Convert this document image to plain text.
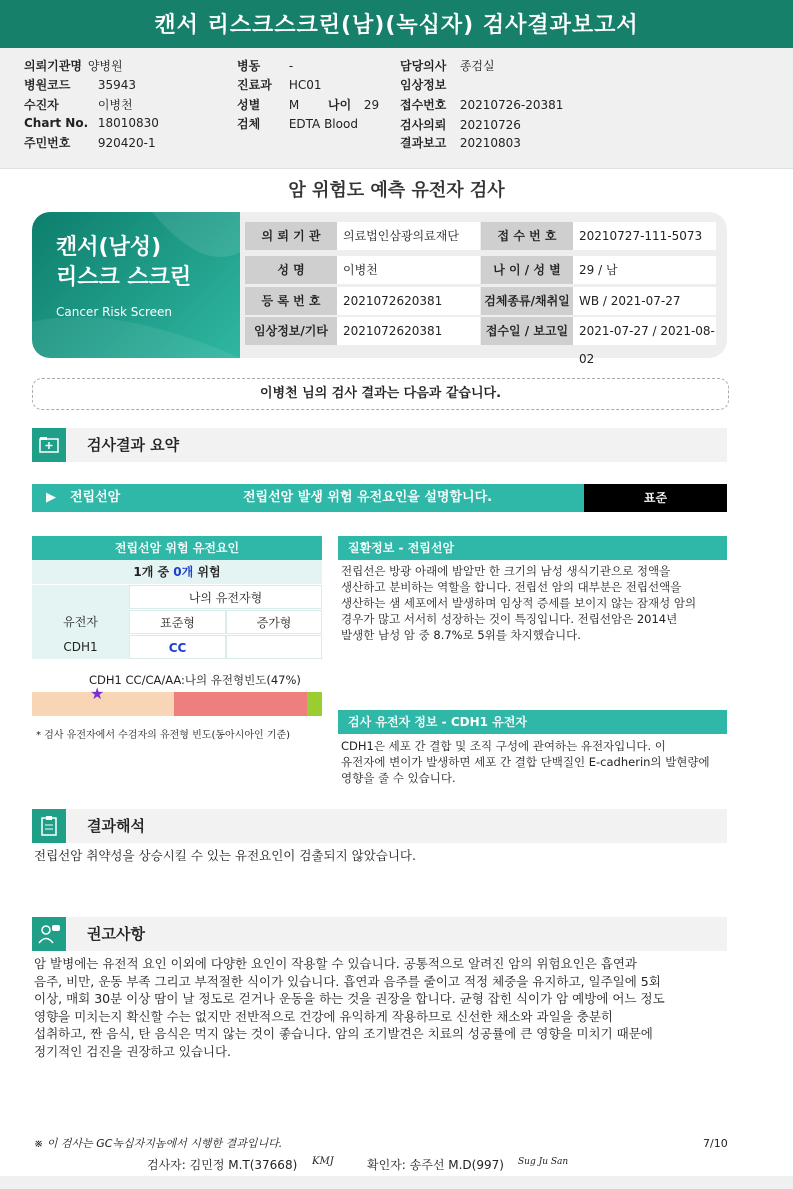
캔서 리스크스크린(남)(녹십자) 검사결과보고서
의뢰기관명 양병원
병원코드 35943
수진자	이병천
Chart No. 18010830
주민번호 920420-1
병동 -
진료과 HC01
성별 M 나이 29
검체 EDTA Blood
담당의사 종검실
임상정보
접수번호 20210726-20381
검사의뢰 20210726
결과보고 20210803
암 위험도 예측 유전자 검사
캔서(남성)
리스크 스크린
Cancer Risk Screen
의 뢰 기 관	의료법인삼광의료재단	접 수 번 호	20210727-111-5073
성 명	이병천	나 이 / 성 별	29 / 남
등 록 번 호	2021072620381	검체종류/채취일 WB / 2021-07-27
임상정보/기타	2021072620381	접수일 / 보고일 2021-07-27 / 2021-08-02
이병천 님의 검사 결과는 다음과 같습니다.
검사결과 요약
▶ 전립선암	전립선암 발생 위험 유전요인을 설명합니다.	표준
전립선암 위험 유전요인
1개 중 0개 위험
나의 유전자형
유전자	표준형	증가형
CDH1	CC
CDH1 CC/CA/AA:나의 유전형빈도(47%)
★
* 검사 유전자에서 수검자의 유전형 빈도(동아시아인 기준)
질환정보 - 전립선암
전립선은 방광 아래에 밤알만 한 크기의 남성 생식기관으로 정액을
생산하고 분비하는 역할을 합니다. 전립선 암의 대부분은 전립선액을
생산하는 샘 세포에서 발생하며 임상적 증세를 보이지 않는 잠재성 암의
경우가 많고 서서히 성장하는 것이 특징입니다. 전립선암은 2014년
발생한 남성 암 중 8.7%로 5위를 차지했습니다.
검사 유전자 정보 - CDH1 유전자
CDH1은 세포 간 결합 및 조직 구성에 관여하는 유전자입니다. 이
유전자에 변이가 발생하면 세포 간 결합 단백질인 E-cadherin의 발현량에
영향을 줄 수 있습니다.
결과해석
전립선암 취약성을 상승시킬 수 있는 유전요인이 검출되지 않았습니다.
권고사항
암 발병에는 유전적 요인 이외에 다양한 요인이 작용할 수 있습니다. 공통적으로 알려진 암의 위험요인은 흡연과
음주, 비만, 운동 부족 그리고 부적절한 식이가 있습니다. 흡연과 음주를 줄이고 적정 체중을 유지하고, 일주일에 5회
이상, 매회 30분 이상 땀이 날 정도로 걷거나 운동을 하는 것을 권장을 합니다. 균형 잡힌 식이가 암 예방에 어느 정도
영향을 미치는지 확신할 수는 없지만 전반적으로 건강에 유익하게 작용하므로 신선한 채소와 과일을 충분히
섭취하고, 짠 음식, 탄 음식은 먹지 않는 것이 좋습니다. 암의 조기발견은 치료의 성공률에 큰 영향을 미치기 때문에
정기적인 검진을 권장하고 있습니다.
※ 이 검사는 GC녹십자지놈에서 시행한 결과입니다.	7/10
검사자: 김민정 M.T(37668) KMJ	확인자: 송주선 M.D(997) Sug Ju San
